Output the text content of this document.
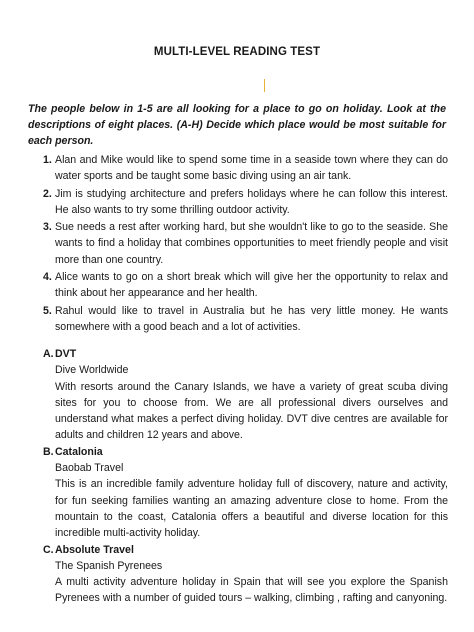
MULTI-LEVEL READING TEST
The people below in 1-5 are all looking for a place to go on holiday. Look at the descriptions of eight places. (A-H) Decide which place would be most suitable for each person.
1. Alan and Mike would like to spend some time in a seaside town where they can do water sports and be taught some basic diving using an air tank.
2. Jim is studying architecture and prefers holidays where he can follow this interest. He also wants to try some thrilling outdoor activity.
3. Sue needs a rest after working hard, but she wouldn't like to go to the seaside. She wants to find a holiday that combines opportunities to meet friendly people and visit more than one country.
4. Alice wants to go on a short break which will give her the opportunity to relax and think about her appearance and her health.
5. Rahul would like to travel in Australia but he has very little money. He wants somewhere with a good beach and a lot of activities.
A. DVT
Dive Worldwide
With resorts around the Canary Islands, we have a variety of great scuba diving sites for you to choose from. We are all professional divers ourselves and understand what makes a perfect diving holiday. DVT dive centres are available for adults and children 12 years and above.
B. Catalonia
Baobab Travel
This is an incredible family adventure holiday full of discovery, nature and activity, for fun seeking families wanting an amazing adventure close to home. From the mountain to the coast, Catalonia offers a beautiful and diverse location for this incredible multi-activity holiday.
C. Absolute Travel
The Spanish Pyrenees
A multi activity adventure holiday in Spain that will see you explore the Spanish Pyrenees with a number of guided tours – walking, climbing , rafting and canyoning.
